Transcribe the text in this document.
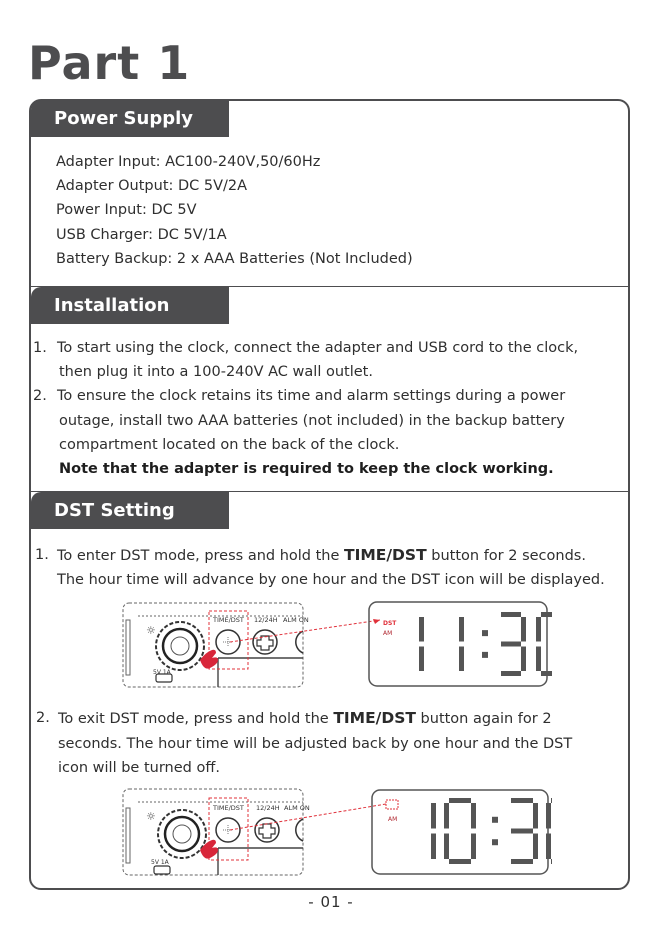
Part 1
Power Supply
Adapter Input: AC100-240V,50/60Hz
Adapter Output: DC 5V/2A
Power Input: DC 5V
USB Charger: DC 5V/1A
Battery Backup: 2 x AAA Batteries (Not Included)
Installation
1. To start using the clock, connect the adapter and USB cord to the clock,
then plug it into a 100-240V AC wall outlet.
2. To ensure the clock retains its time and alarm settings during a power
outage, install two AAA batteries (not included) in the backup battery
compartment located on the back of the clock.
Note that the adapter is required to keep the clock working.
DST Setting
1. To enter DST mode, press and hold the TIME/DST button for 2 seconds.
The hour time will advance by one hour and the DST icon will be displayed.
2. To exit DST mode, press and hold the TIME/DST button again for 2
seconds. The hour time will be adjusted back by one hour and the DST
icon will be turned off.
☼
5V 1A
TIME/DST 12/24H ALM ON	DST
AM
☼
5V 1A
TIME/DST 12/24H ALM ON
AM
- 01 -
